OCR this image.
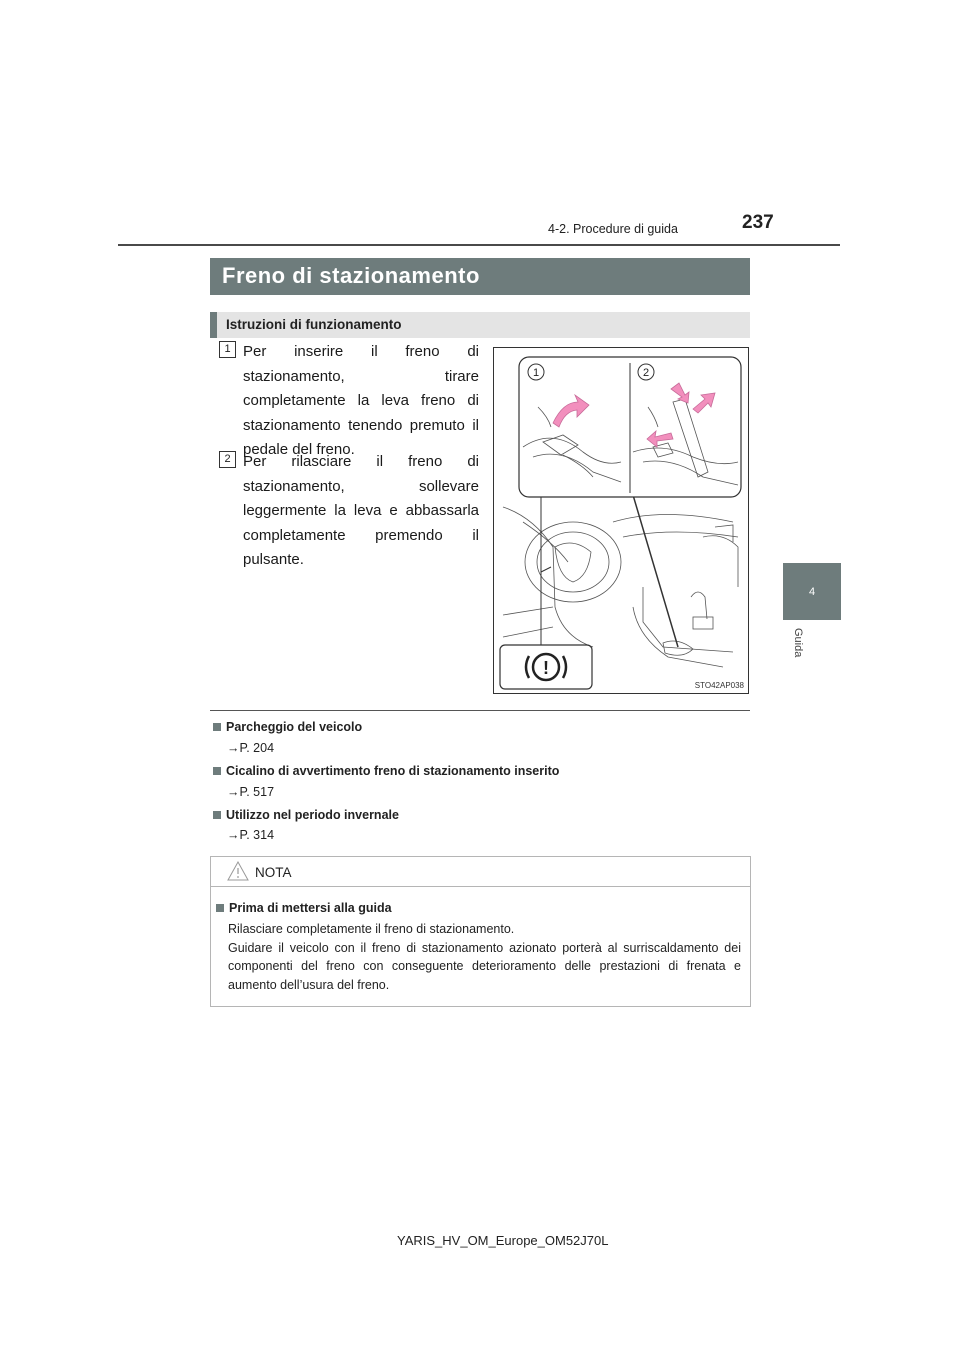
4-2. Procedure di guida	237
4
Guida
Freno di stazionamento
Istruzioni di funzionamento
1 Per inserire il freno di stazionamento, tirare completamente la leva freno di stazionamento tenendo premuto il pedale del freno.
2 Per rilasciare il freno di stazionamento, sollevare leggermente la leva e abbassarla completamente premendo il pulsante.
1	2
!
STO42AP038
Parcheggio del veicolo
→P. 204
Cicalino di avvertimento freno di stazionamento inserito
→P. 517
Utilizzo nel periodo invernale
→P. 314
NOTA
Prima di mettersi alla guida

Rilasciare completamente il freno di stazionamento.

Guidare il veicolo con il freno di stazionamento azionato porterà al surriscaldamento dei componenti del freno con conseguente deterioramento delle prestazioni di frenata e aumento dell’usura del freno.

YARIS_HV_OM_Europe_OM52J70L
